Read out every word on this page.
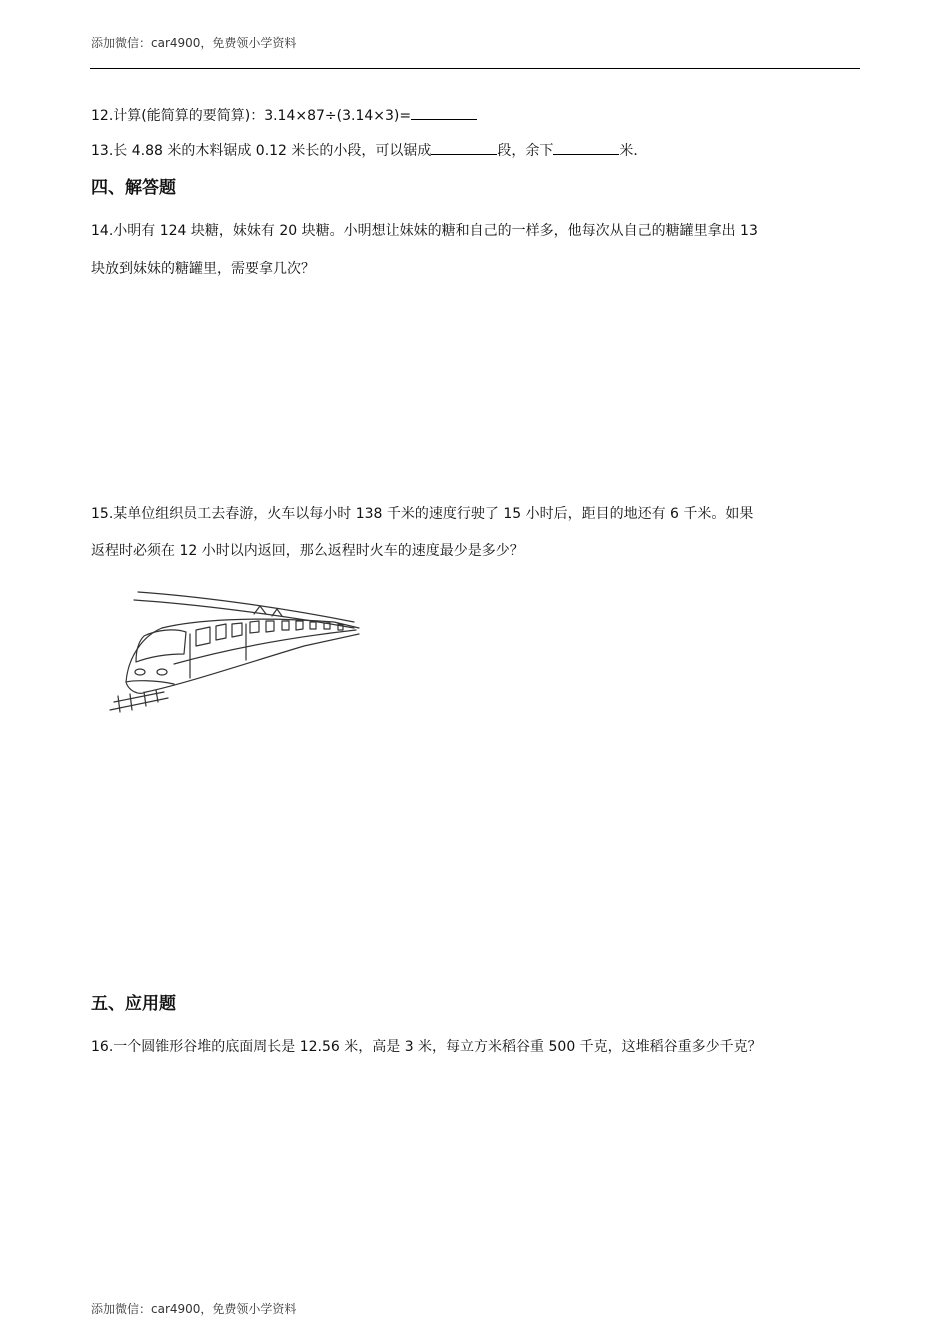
添加微信：car4900，免费领小学资料
12.计算(能简算的要简算)：3.14×87÷(3.14×3)=
13.长 4.88 米的木料锯成 0.12 米长的小段，可以锯成	段，余下	米．
四、解答题
14.小明有 124 块糖，妹妹有 20 块糖。小明想让妹妹的糖和自己的一样多，他每次从自己的糖罐里拿出 13
块放到妹妹的糖罐里，需要拿几次？
15.某单位组织员工去春游，火车以每小时 138 千米的速度行驶了 15 小时后，距目的地还有 6 千米。如果
返程时必须在 12 小时以内返回，那么返程时火车的速度最少是多少？
五、应用题
16.一个圆锥形谷堆的底面周长是 12.56 米，高是 3 米，每立方米稻谷重 500 千克，这堆稻谷重多少千克？
添加微信：car4900，免费领小学资料
